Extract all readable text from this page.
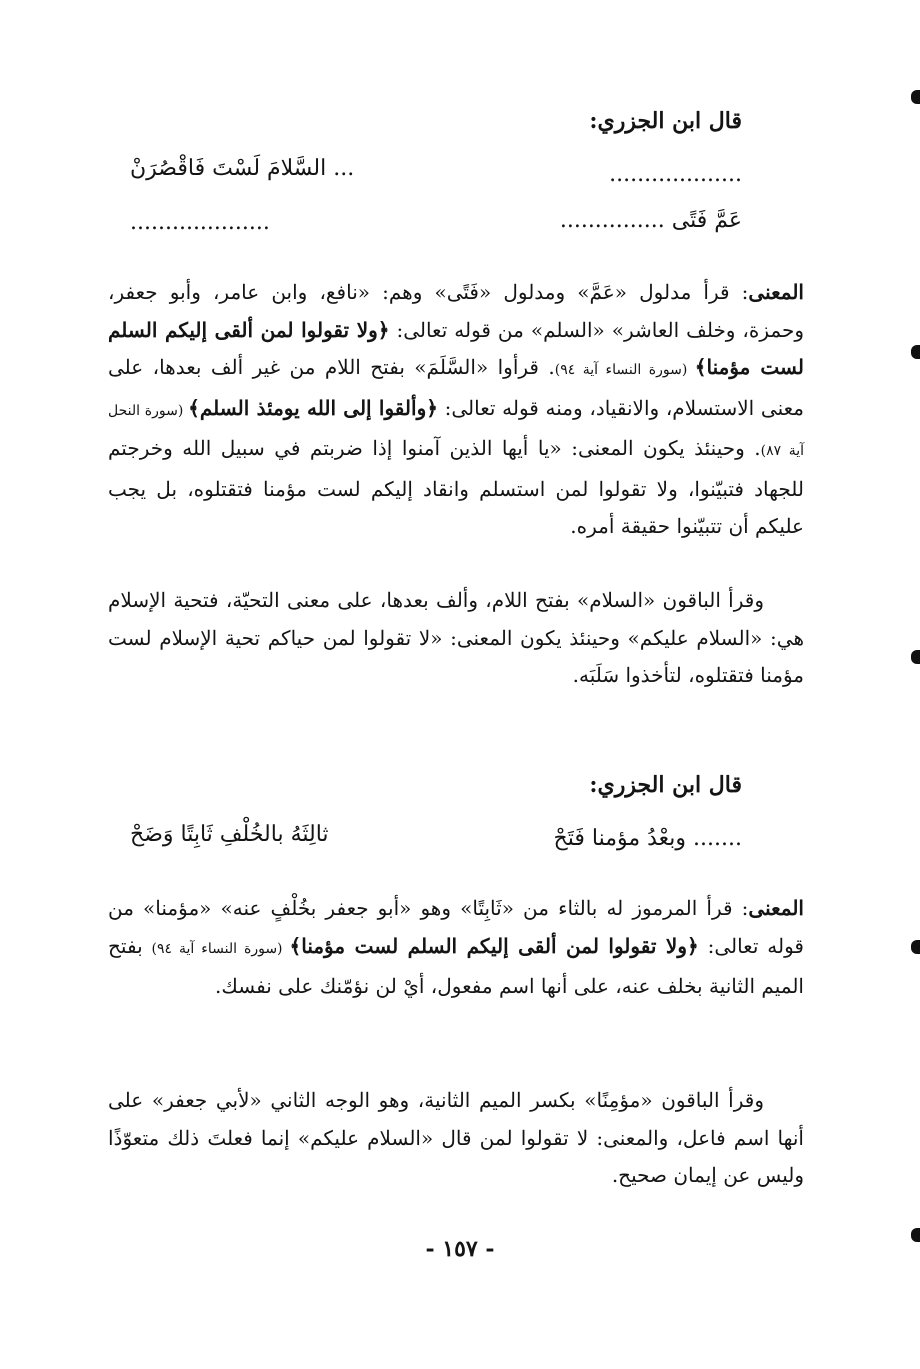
قال ابن الجزري:
...................
... السَّلامَ لَسْتَ فَاقْصُرَنْ
عَمَّ فَتًى ...............
....................

المعنى: قرأ مدلول «عَمَّ» ومدلول «فَتًى» وهم: «نافع، وابن عامر، وأبو جعفر، وحمزة، وخلف العاشر» «السلم» من قوله تعالى: ﴿ولا تقولوا لمن ألقى إليكم السلم لست مؤمنا﴾ (سورة النساء آية ٩٤). قرأوا «السَّلَمَ» بفتح اللام من غير ألف بعدها، على معنى الاستسلام، والانقياد، ومنه قوله تعالى: ﴿وألقوا إلى الله يومئذ السلم﴾ (سورة النحل آية ٨٧). وحينئذ يكون المعنى: «يا أيها الذين آمنوا إذا ضربتم في سبيل الله وخرجتم للجهاد فتبيّنوا، ولا تقولوا لمن استسلم وانقاد إليكم لست مؤمنا فتقتلوه، بل يجب عليكم أن تتبيّنوا حقيقة أمره.

وقرأ الباقون «السلام» بفتح اللام، وألف بعدها، على معنى التحيّة، فتحية الإسلام هي: «السلام عليكم» وحينئذ يكون المعنى: «لا تقولوا لمن حياكم تحية الإسلام لست مؤمنا فتقتلوه، لتأخذوا سَلَبَه.

قال ابن الجزري:
....... وبعْدُ مؤمنا فَتَحْ
ثالِثَهُ بالخُلْفِ ثَابِتًا وَضَحْ

المعنى: قرأ المرموز له بالثاء من «ثَابِتًا» وهو «أبو جعفر بخُلْفٍ عنه» «مؤمنا» من قوله تعالى: ﴿ولا تقولوا لمن ألقى إليكم السلم لست مؤمنا﴾ (سورة النساء آية ٩٤) بفتح الميم الثانية بخلف عنه، على أنها اسم مفعول، أيْ لن نؤمّنك على نفسك.

وقرأ الباقون «مؤمِنًا» بكسر الميم الثانية، وهو الوجه الثاني «لأبي جعفر» على أنها اسم فاعل، والمعنى: لا تقولوا لمن قال «السلام عليكم» إنما فعلتَ ذلك متعوّذًا وليس عن إيمان صحيح.

- ١٥٧ -
